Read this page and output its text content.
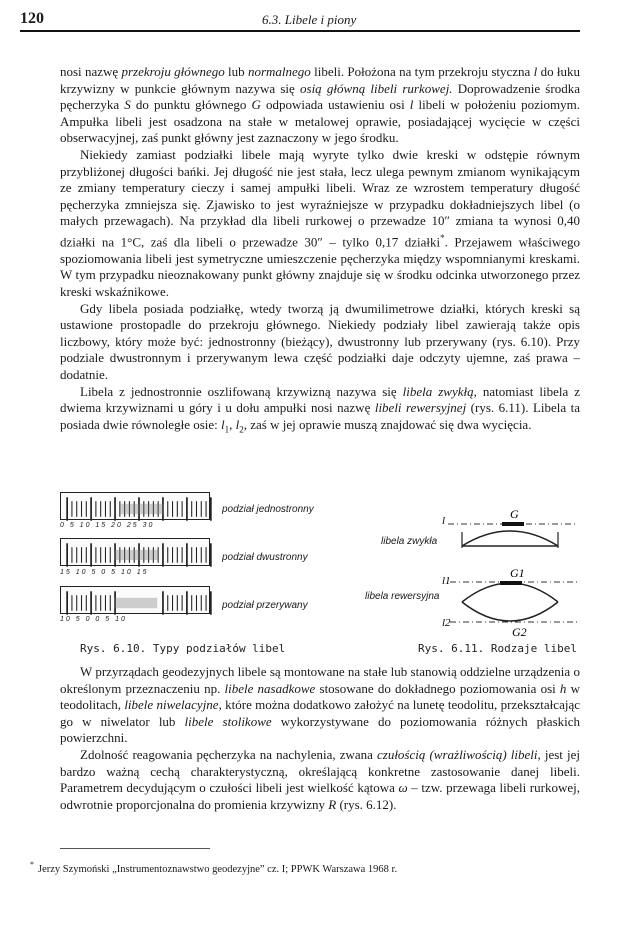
120	6.3. Libele i piony

nosi nazwę przekroju głównego lub normalnego libeli. Położona na tym przekroju styczna l do łuku krzywizny w punkcie głównym nazywa się osią główną libeli rurkowej. Doprowadzenie środka pęcherzyka S do punktu głównego G odpowiada ustawieniu osi l libeli w położeniu poziomym. Ampułka libeli jest osadzona na stałe w metalowej oprawie, posiadającej wycięcie w części obserwacyjnej, zaś punkt główny jest zaznaczony w jego środku.

Niekiedy zamiast podziałki libele mają wyryte tylko dwie kreski w odstępie równym przybliżonej długości bańki. Jej długość nie jest stała, lecz ulega pewnym zmianom wynikającym ze zmiany temperatury cieczy i samej ampułki libeli. Wraz ze wzrostem temperatury długość pęcherzyka zmniejsza się. Zjawisko to jest wyraźniejsze w przypadku dokładniejszych libel (o małych przewagach). Na przykład dla libeli rurkowej o przewadze 10″ zmiana ta wynosi 0,40 działki na 1°C, zaś dla libeli o przewadze 30″ – tylko 0,17 działki*. Przejawem właściwego spoziomowania libeli jest symetryczne umieszczenie pęcherzyka między wspomnianymi kreskami. W tym przypadku nieoznakowany punkt główny znajduje się w środku odcinka utworzonego przez kreski wskaźnikowe.

Gdy libela posiada podziałkę, wtedy tworzą ją dwumilimetrowe działki, których kreski są ustawione prostopadle do przekroju głównego. Niekiedy podziały libel zawierają także opis liczbowy, który może być: jednostronny (bieżący), dwustronny lub przerywany (rys. 6.10). Przy podziale dwustronnym i przerywanym lewa część podziałki daje odczyty ujemne, zaś prawa – dodatnie.

Libela z jednostronnie oszlifowaną krzywizną nazywa się libela zwykłą, natomiast libela z dwiema krzywiznami u góry i u dołu ampułki nosi nazwę libeli rewersyjnej (rys. 6.11). Libela ta posiada dwie równoległe osie: $l_1$, $l_2$, zaś w jej oprawie muszą znajdować się dwa wycięcia.

0 5 10 15 20 25 30
podział jednostronny
15 10 5 0 5 10 15
podział dwustronny
10 5 0 0 5 10
podział przerywany
libela zwykła
libela rewersyjna
l	G
l1
G1
l2
G2
Rys. 6.10. Typy podziałów libel	Rys. 6.11. Rodzaje libel

W przyrządach geodezyjnych libele są montowane na stałe lub stanowią oddzielne urządzenia o określonym przeznaczeniu np. libele nasadkowe stosowane do dokładnego poziomowania osi h w teodolitach, libele niwelacyjne, które można dodatkowo założyć na lunetę teodolitu, przekształcając go w niwelator lub libele stolikowe wykorzystywane do poziomowania różnych płaskich powierzchni.

Zdolność reagowania pęcherzyka na nachylenia, zwana czułością (wrażliwością) libeli, jest jej bardzo ważną cechą charakterystyczną, określającą konkretne zastosowanie danej libeli. Parametrem decydującym o czułości libeli jest wielkość kątowa ω – tzw. przewaga libeli rurkowej, odwrotnie proporcjonalna do promienia krzywizny R (rys. 6.12).

* Jerzy Szymoński „Instrumentoznawstwo geodezyjne” cz. I; PPWK Warszawa 1968 r.
